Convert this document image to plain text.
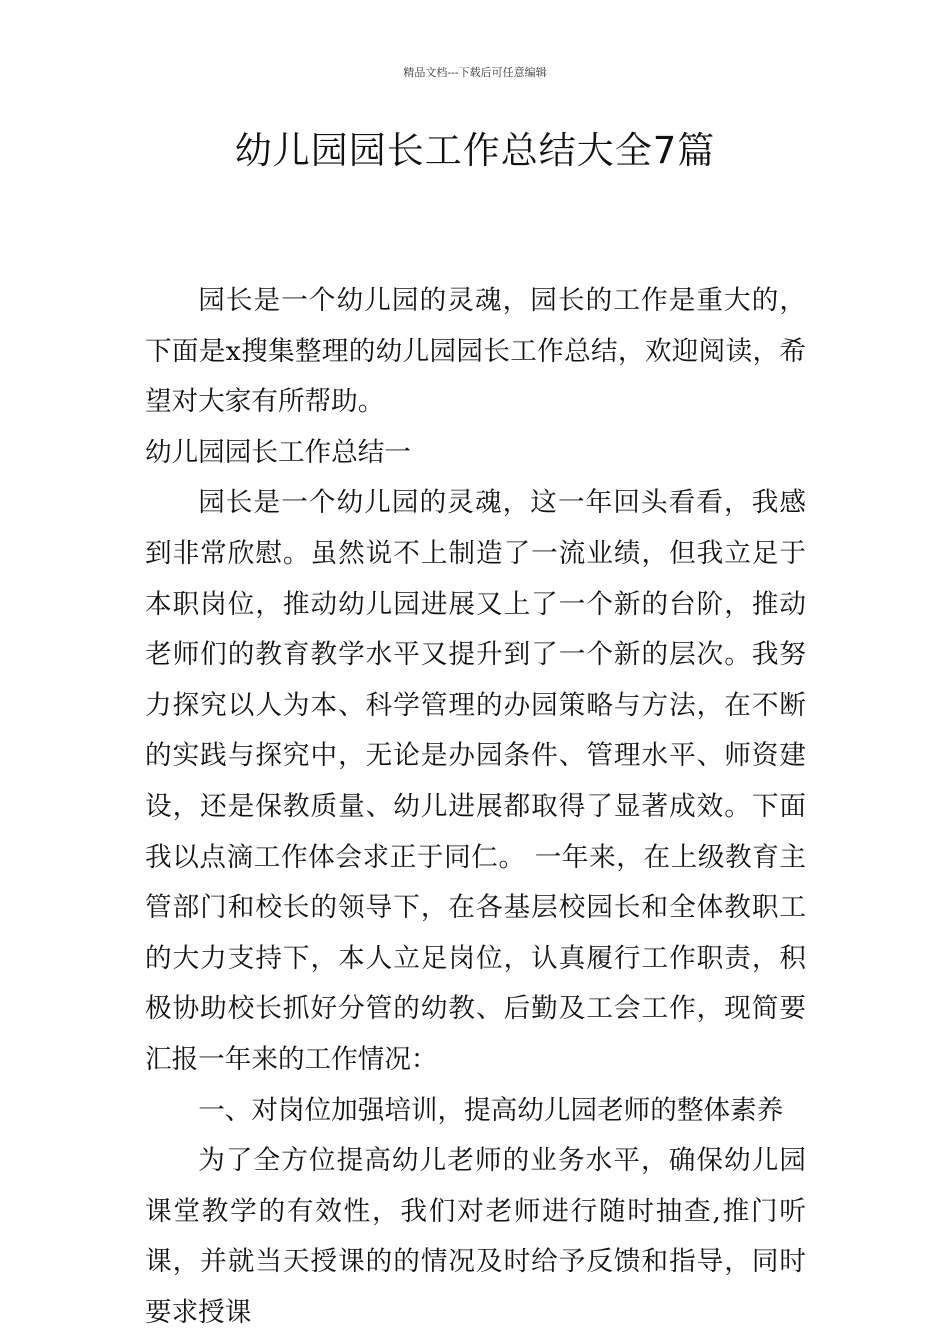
精品文档---下载后可任意编辑
幼儿园园长工作总结大全7篇

园长是一个幼儿园的灵魂，园长的工作是重大的，下面是x搜集整理的幼儿园园长工作总结，欢迎阅读，希望对大家有所帮助。

幼儿园园长工作总结一

园长是一个幼儿园的灵魂，这一年回头看看，我感到非常欣慰。虽然说不上制造了一流业绩，但我立足于本职岗位，推动幼儿园进展又上了一个新的台阶，推动老师们的教育教学水平又提升到了一个新的层次。我努力探究以人为本、科学管理的办园策略与方法，在不断的实践与探究中，无论是办园条件、管理水平、师资建设，还是保教质量、幼儿进展都取得了显著成效。下面我以点滴工作体会求正于同仁。 一年来，在上级教育主管部门和校长的领导下，在各基层校园长和全体教职工的大力支持下，本人立足岗位，认真履行工作职责，积极协助校长抓好分管的幼教、后勤及工会工作，现简要汇报一年来的工作情况：

一、对岗位加强培训，提高幼儿园老师的整体素养

为了全方位提高幼儿老师的业务水平，确保幼儿园课堂教学的有效性，我们对老师进行随时抽查,推门听课，并就当天授课的的情况及时给予反馈和指导，同时要求授课
